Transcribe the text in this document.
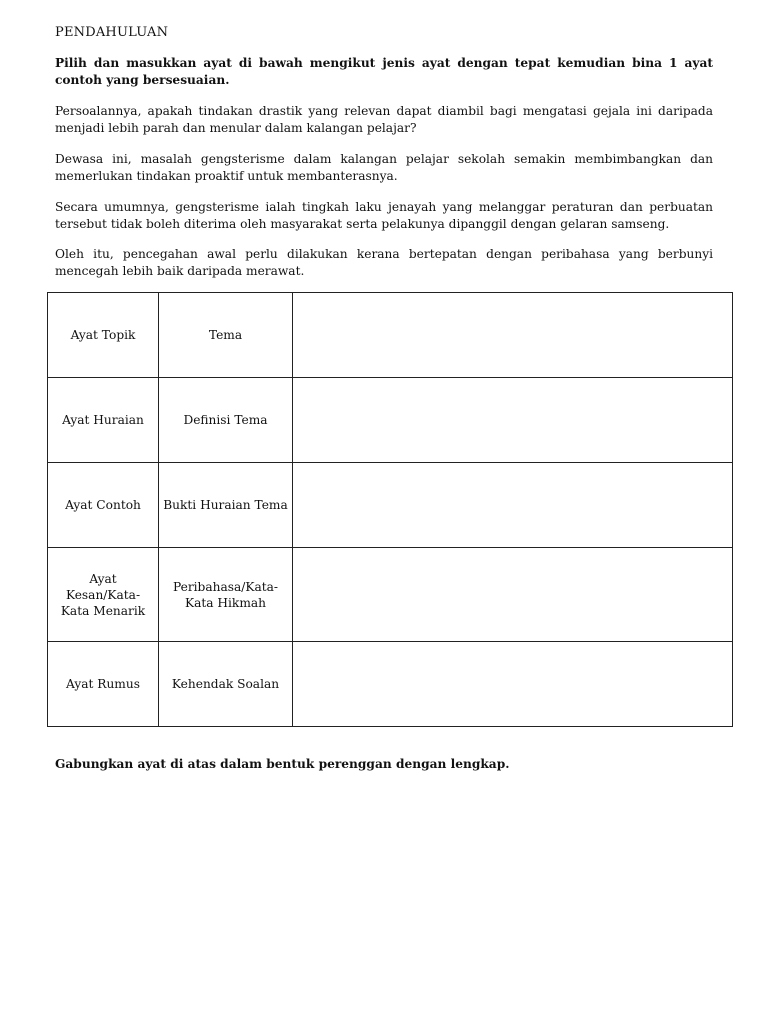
PENDAHULUAN

Pilih dan masukkan ayat di bawah mengikut jenis ayat dengan tepat kemudian bina 1 ayat contoh yang bersesuaian.

Persoalannya, apakah tindakan drastik yang relevan dapat diambil bagi mengatasi gejala ini daripada menjadi lebih parah dan menular dalam kalangan pelajar?

Dewasa ini, masalah gengsterisme dalam kalangan pelajar sekolah semakin membimbangkan dan memerlukan tindakan proaktif untuk membanterasnya.

Secara umumnya, gengsterisme ialah tingkah laku jenayah yang melanggar peraturan dan perbuatan tersebut tidak boleh diterima oleh masyarakat serta pelakunya dipanggil dengan gelaran samseng.

Oleh itu, pencegahan awal perlu dilakukan kerana bertepatan dengan peribahasa yang berbunyi mencegah lebih baik daripada merawat.

Ayat Topik	Tema	
Ayat Huraian	Definisi Tema	
Ayat Contoh	Bukti Huraian Tema	
Ayat Kesan/Kata-Kata Menarik	Peribahasa/Kata-Kata Hikmah	
Ayat Rumus	Kehendak Soalan	
Gabungkan ayat di atas dalam bentuk perenggan dengan lengkap.
